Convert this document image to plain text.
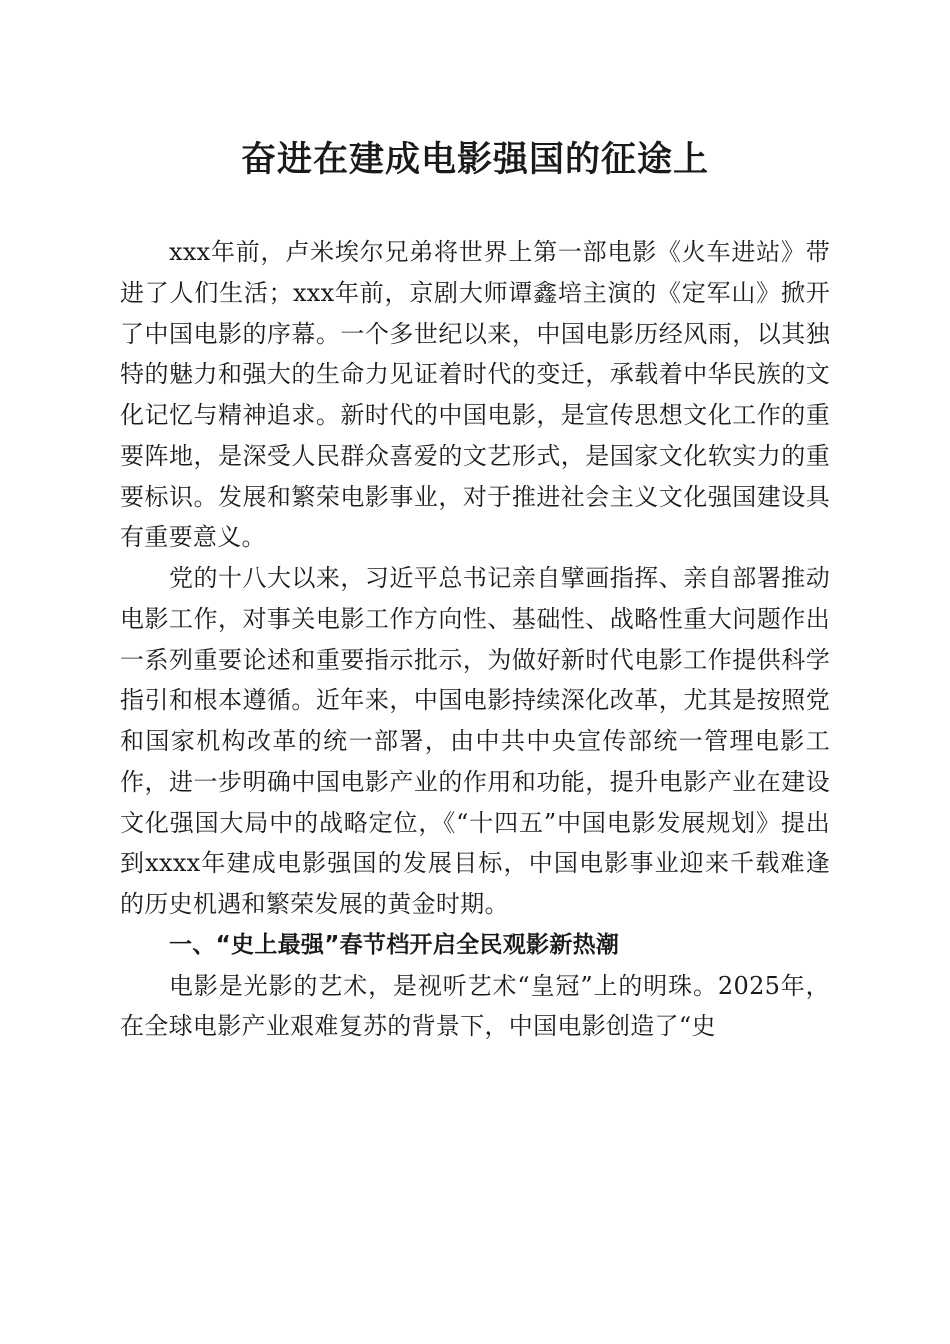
奋进在建成电影强国的征途上

xxx年前，卢米埃尔兄弟将世界上第一部电影《火车进站》带进了人们生活；xxx年前，京剧大师谭鑫培主演的《定军山》掀开了中国电影的序幕。一个多世纪以来，中国电影历经风雨，以其独特的魅力和强大的生命力见证着时代的变迁，承载着中华民族的文化记忆与精神追求。新时代的中国电影，是宣传思想文化工作的重要阵地，是深受人民群众喜爱的文艺形式，是国家文化软实力的重要标识。发展和繁荣电影事业，对于推进社会主义文化强国建设具有重要意义。

党的十八大以来，习近平总书记亲自擘画指挥、亲自部署推动电影工作，对事关电影工作方向性、基础性、战略性重大问题作出一系列重要论述和重要指示批示，为做好新时代电影工作提供科学指引和根本遵循。近年来，中国电影持续深化改革，尤其是按照党和国家机构改革的统一部署，由中共中央宣传部统一管理电影工作，进一步明确中国电影产业的作用和功能，提升电影产业在建设文化强国大局中的战略定位，《“十四五”中国电影发展规划》提出到xxxx年建成电影强国的发展目标，中国电影事业迎来千载难逢的历史机遇和繁荣发展的黄金时期。

一、“史上最强”春节档开启全民观影新热潮

电影是光影的艺术，是视听艺术“皇冠”上的明珠。2025年，在全球电影产业艰难复苏的背景下，中国电影创造了“史
